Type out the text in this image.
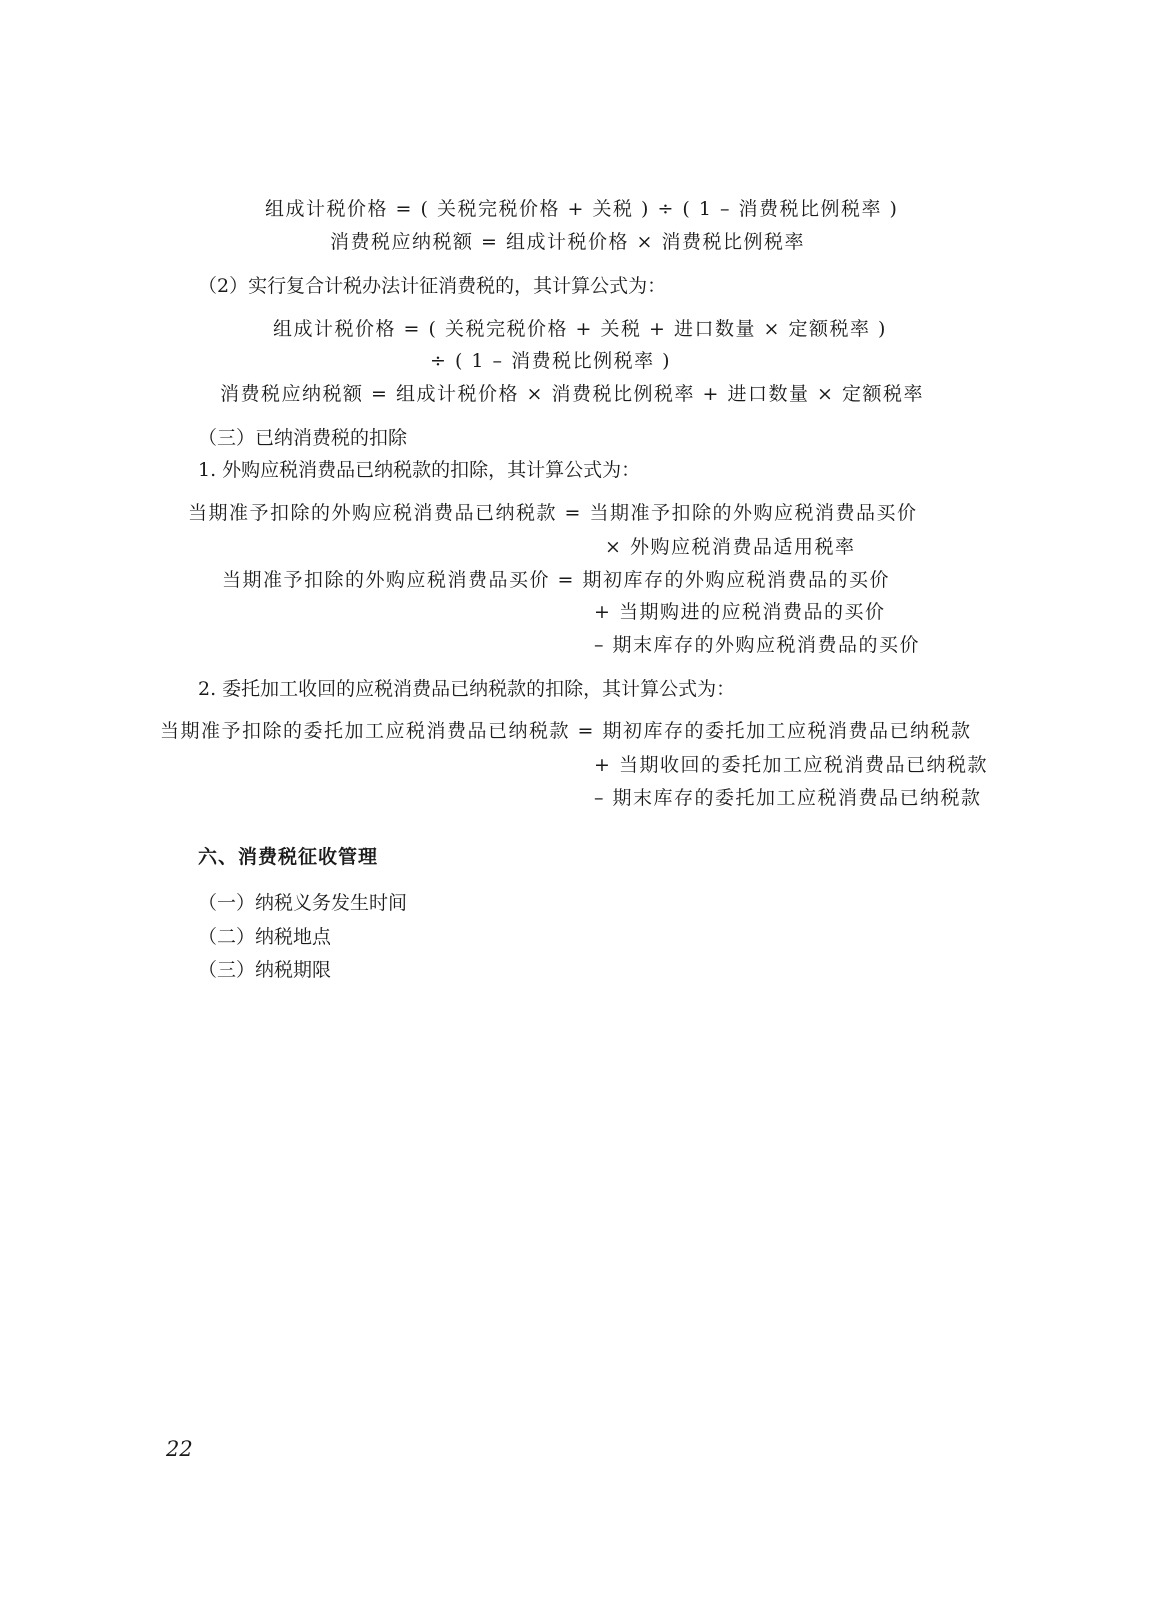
组成计税价格 = ( 关税完税价格 + 关税 ) ÷ ( 1 – 消费税比例税率 )
消费税应纳税额 = 组成计税价格 × 消费税比例税率
（2）实行复合计税办法计征消费税的，其计算公式为：
组成计税价格 = ( 关税完税价格 + 关税 + 进口数量 × 定额税率 )
÷ ( 1 – 消费税比例税率 )
消费税应纳税额 = 组成计税价格 × 消费税比例税率 + 进口数量 × 定额税率
（三）已纳消费税的扣除
1. 外购应税消费品已纳税款的扣除，其计算公式为：
当期准予扣除的外购应税消费品已纳税款 = 当期准予扣除的外购应税消费品买价
× 外购应税消费品适用税率
当期准予扣除的外购应税消费品买价 = 期初库存的外购应税消费品的买价
+ 当期购进的应税消费品的买价
– 期末库存的外购应税消费品的买价
2. 委托加工收回的应税消费品已纳税款的扣除，其计算公式为：
当期准予扣除的委托加工应税消费品已纳税款 = 期初库存的委托加工应税消费品已纳税款
+ 当期收回的委托加工应税消费品已纳税款
– 期末库存的委托加工应税消费品已纳税款
六、消费税征收管理
（一）纳税义务发生时间
（二）纳税地点
（三）纳税期限
22
